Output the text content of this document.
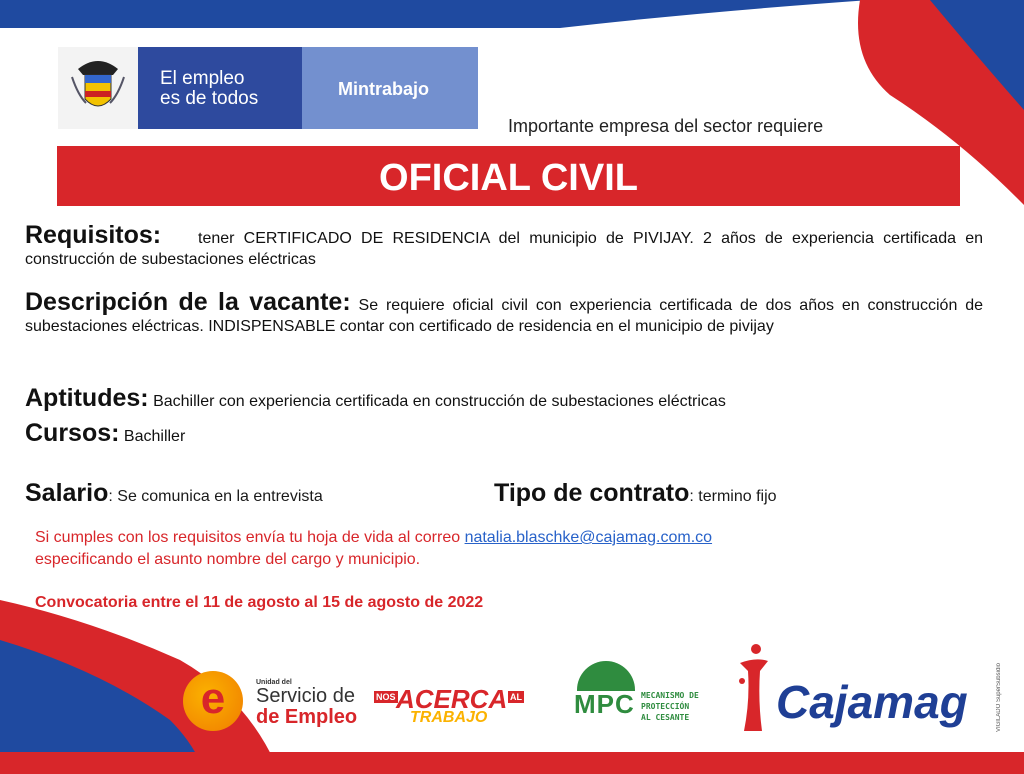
El empleo
es de todos	Mintrabajo
Importante empresa del sector requiere
OFICIAL CIVIL
Requisitos: tener CERTIFICADO DE RESIDENCIA del municipio de PIVIJAY. 2 años de experiencia certificada en construcción de subestaciones eléctricas
Descripción de la vacante: Se requiere oficial civil con experiencia certificada de dos años en construcción de subestaciones eléctricas. INDISPENSABLE contar con certificado de residencia en el municipio de pivijay
Aptitudes: Bachiller con experiencia certificada en construcción de subestaciones eléctricas
Cursos: Bachiller
Salario: Se comunica en la entrevista	Tipo de contrato: termino fijo
Si cumples con los requisitos envía tu hoja de vida al correo natalia.blaschke@cajamag.com.co
especificando el asunto nombre del cargo y municipio.
Convocatoria entre el 11 de agosto al 15 de agosto de 2022
e	Unidad del
Servicio de
de Empleo
NOS ACERCA AL
TRABAJO	MPC MECANISMO DE
PROTECCIÓN
AL CESANTE Cajamag	VIGILADO SuperSubsidio
